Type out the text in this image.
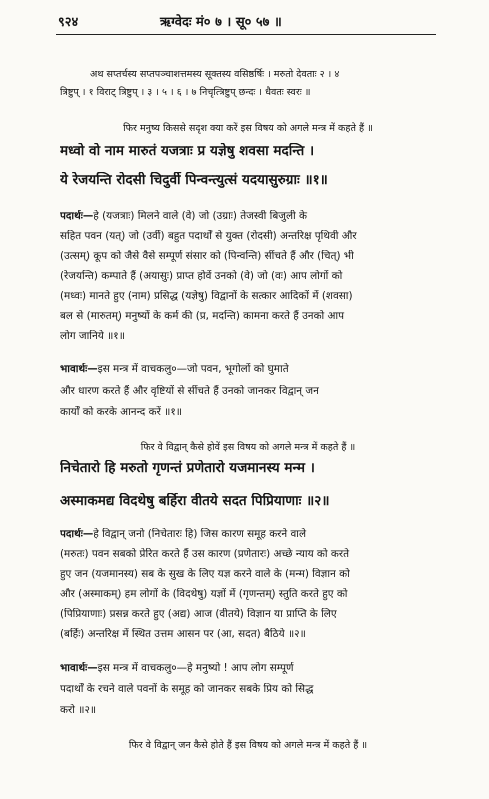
९२४	ऋग्वेदः मं० ७ । सू० ५७ ॥
अथ सप्तर्चस्य सप्तपञ्चाशत्तमस्य सूक्तस्य वसिष्ठर्षिः । मरुतो देवताः २ । ४
त्रिष्टुप् । १ विराट् त्रिष्टुप् । ३ । ५ । ६ । ७ निचृत्त्रिष्टुप् छन्दः । धैवतः स्वरः ॥
फिर मनुष्य किससे सदृश क्या करें इस विषय को अगले मन्त्र में कहते हैं ॥
मध्वो वो नाम मारुतं यजत्राः प्र यज्ञेषु शवसा मदन्ति ।
ये रेजयन्ति रोदसी चिदुर्वी पिन्वन्त्युत्सं यदयासुरुग्राः ॥१॥
पदार्थः—हे (यजत्राः) मिलने वाले (वे) जो (उग्राः) तेजस्वी बिजुली के
सहित पवन (यत्) जो (उर्वी) बहुत पदार्थों से युक्त (रोदसी) अन्तरिक्ष पृथिवी और
(उत्सम्) कूप को जैसे वैसे सम्पूर्ण संसार को (पिन्वन्ति) सींचते हैं और (चित्) भी
(रेजयन्ति) कम्पाते हैं (अयासुः) प्राप्त होवें उनको (वे) जो (वः) आप लोगों को
(मध्वः) मानते हुए (नाम) प्रसिद्ध (यज्ञेषु) विद्वानों के सत्कार आदिकों में (शवसा)
बल से (मारुतम्) मनुष्यों के कर्म की (प्र, मदन्ति) कामना करते हैं उनको आप
लोग जानिये ॥१॥
भावार्थः—इस मन्त्र में वाचकलु०—जो पवन, भूगोलों को घुमाते
और धारण करते हैं और वृष्टियों से सींचते हैं उनको जानकर विद्वान् जन
कार्यों को करके आनन्द करें ॥१॥
फिर वे विद्वान् कैसे होवें इस विषय को अगले मन्त्र में कहते हैं ॥
निचेतारो हि मरुतो गृणन्तं प्रणेतारो यजमानस्य मन्म ।
अस्माकमद्य विदथेषु बर्हिरा वीतये सदत पिप्रियाणाः ॥२॥
पदार्थः—हे विद्वान् जनो (निचेतारः हि) जिस कारण समूह करने वाले
(मरुतः) पवन सबको प्रेरित करते हैं उस कारण (प्रणेतारः) अच्छे न्याय को करते
हुए जन (यजमानस्य) सब के सुख के लिए यज्ञ करने वाले के (मन्म) विज्ञान को
और (अस्माकम्) हम लोगों के (विदथेषु) यज्ञों में (गृणन्तम्) स्तुति करते हुए को
(पिप्रियाणाः) प्रसन्न करते हुए (अद्य) आज (वीतये) विज्ञान या प्राप्ति के लिए
(बर्हिः) अन्तरिक्ष में स्थित उत्तम आसन पर (आ, सदत) बैठिये ॥२॥
भावार्थः—इस मन्त्र में वाचकलु०—हे मनुष्यो ! आप लोग सम्पूर्ण
पदार्थों के रचने वाले पवनों के समूह को जानकर सबके प्रिय को सिद्ध
करो ॥२॥
फिर वे विद्वान् जन कैसे होते हैं इस विषय को अगले मन्त्र में कहते हैं ॥
